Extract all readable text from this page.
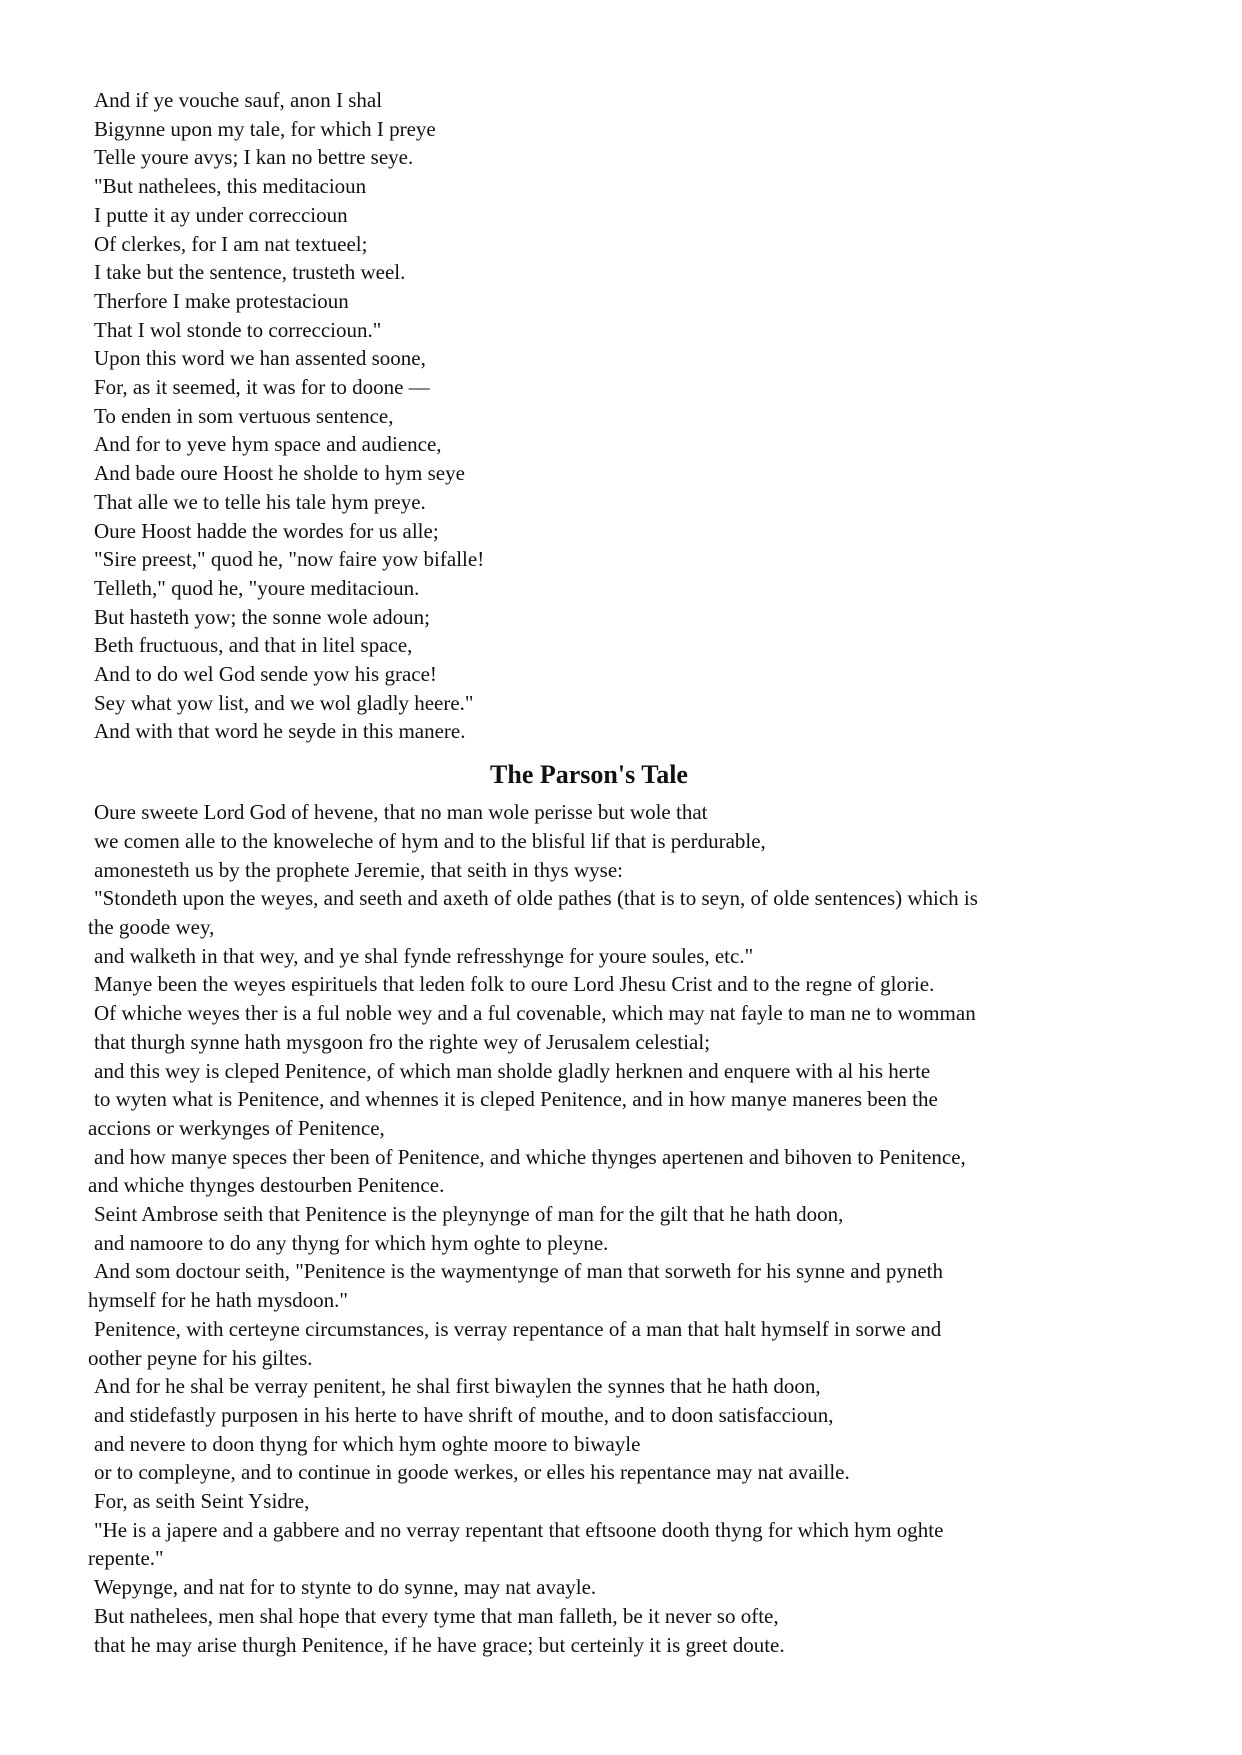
And if ye vouche sauf, anon I shal
Bigynne upon my tale, for which I preye
Telle youre avys; I kan no bettre seye.
"But nathelees, this meditacioun
I putte it ay under correccioun
Of clerkes, for I am nat textueel;
I take but the sentence, trusteth weel.
Therfore I make protestacioun
That I wol stonde to correccioun."
Upon this word we han assented soone,
For, as it seemed, it was for to doone —
To enden in som vertuous sentence,
And for to yeve hym space and audience,
And bade oure Hoost he sholde to hym seye
That alle we to telle his tale hym preye.
Oure Hoost hadde the wordes for us alle;
"Sire preest," quod he, "now faire yow bifalle!
Telleth," quod he, "youre meditacioun.
But hasteth yow; the sonne wole adoun;
Beth fructuous, and that in litel space,
And to do wel God sende yow his grace!
Sey what yow list, and we wol gladly heere."
And with that word he seyde in this manere.
The Parson's Tale
Oure sweete Lord God of hevene, that no man wole perisse but wole that
we comen alle to the knoweleche of hym and to the blisful lif that is perdurable,
amonesteth us by the prophete Jeremie, that seith in thys wyse:
"Stondeth upon the weyes, and seeth and axeth of olde pathes (that is to seyn, of olde sentences) which is
the goode wey,
and walketh in that wey, and ye shal fynde refresshynge for youre soules, etc."
Manye been the weyes espirituels that leden folk to oure Lord Jhesu Crist and to the regne of glorie.
Of whiche weyes ther is a ful noble wey and a ful covenable, which may nat fayle to man ne to womman
that thurgh synne hath mysgoon fro the righte wey of Jerusalem celestial;
and this wey is cleped Penitence, of which man sholde gladly herknen and enquere with al his herte
to wyten what is Penitence, and whennes it is cleped Penitence, and in how manye maneres been the
accions or werkynges of Penitence,
and how manye speces ther been of Penitence, and whiche thynges apertenen and bihoven to Penitence,
and whiche thynges destourben Penitence.
Seint Ambrose seith that Penitence is the pleynynge of man for the gilt that he hath doon,
and namoore to do any thyng for which hym oghte to pleyne.
And som doctour seith, "Penitence is the waymentynge of man that sorweth for his synne and pyneth
hymself for he hath mysdoon."
Penitence, with certeyne circumstances, is verray repentance of a man that halt hymself in sorwe and
oother peyne for his giltes.
And for he shal be verray penitent, he shal first biwaylen the synnes that he hath doon,
and stidefastly purposen in his herte to have shrift of mouthe, and to doon satisfaccioun,
and nevere to doon thyng for which hym oghte moore to biwayle
or to compleyne, and to continue in goode werkes, or elles his repentance may nat availle.
For, as seith Seint Ysidre,
"He is a japere and a gabbere and no verray repentant that eftsoone dooth thyng for which hym oghte
repente."
Wepynge, and nat for to stynte to do synne, may nat avayle.
But nathelees, men shal hope that every tyme that man falleth, be it never so ofte,
that he may arise thurgh Penitence, if he have grace; but certeinly it is greet doute.
